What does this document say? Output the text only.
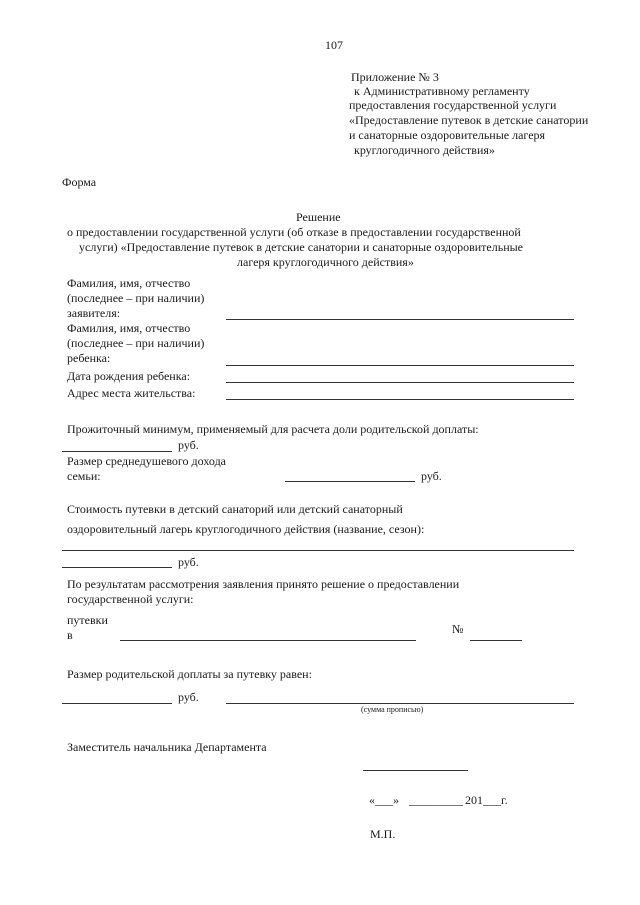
107
Приложение № 3
к Административному регламенту
предоставления государственной услуги
«Предоставление путевок в детские санатории
и санаторные оздоровительные лагеря
круглогодичного действия»
Форма
Решение
о предоставлении государственной услуги (об отказе в предоставлении государственной
услуги) «Предоставление путевок в детские санатории и санаторные оздоровительные
лагеря круглогодичного действия»
Фамилия, имя, отчество
(последнее – при наличии)
заявителя:
Фамилия, имя, отчество
(последнее – при наличии)
ребенка:
Дата рождения ребенка:
Адрес места жительства:
Прожиточный минимум, применяемый для расчета доли родительской доплаты:
руб.
Размер среднедушевого дохода
семьи:	руб.
Стоимость путевки в детский санаторий или детский санаторный
оздоровительный лагерь круглогодичного действия (название, сезон):
руб.
По результатам рассмотрения заявления принято решение о предоставлении
государственной услуги:
путевки
в	№
Размер родительской доплаты за путевку равен:
руб.
(сумма прописью)
Заместитель начальника Департамента
«___» _________ 201___г.
М.П.
